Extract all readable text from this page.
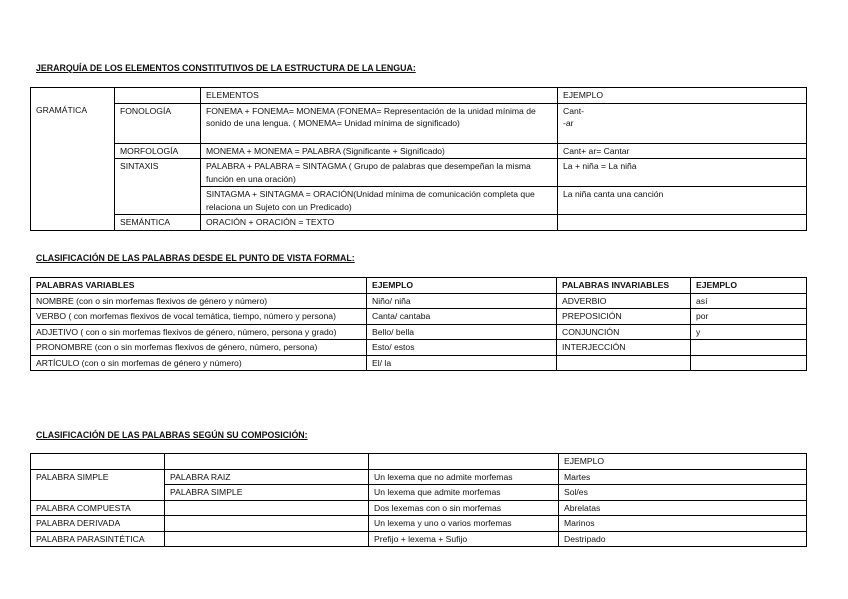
JERARQUÍA DE LOS ELEMENTOS CONSTITUTIVOS DE LA ESTRUCTURA DE LA LENGUA:
		ELEMENTOS	EJEMPLO
GRAMÁTICA	FONOLOGÍA	FONEMA + FONEMA= MONEMA (FONEMA= Representación de la unidad mínima de sonido de una lengua. ( MONEMA= Unidad mínima de significado)	Cant-
-ar

	MORFOLOGÍA	MONEMA + MONEMA = PALABRA (Significante + Significado)	Cant+ ar= Cantar
	SINTAXIS	PALABRA + PALABRA = SINTAGMA ( Grupo de palabras que desempeñan la misma función en una oración)	La + niña = La niña
		SINTAGMA + SINTAGMA = ORACIÓN(Unidad mínima de comunicación completa que relaciona un Sujeto con un Predicado)	La niña canta una canción
	SEMÁNTICA	ORACIÓN + ORACIÓN = TEXTO	
CLASIFICACIÓN DE LAS PALABRAS DESDE EL PUNTO DE VISTA FORMAL:
PALABRAS VARIABLES	EJEMPLO	PALABRAS INVARIABLES	EJEMPLO
NOMBRE (con o sin morfemas flexivos de género y número)	Niño/ niña	ADVERBIO	así
VERBO ( con morfemas flexivos de vocal temática, tiempo, número y persona)	Canta/ cantaba	PREPOSICIÓN	por
ADJETIVO ( con o sin morfemas flexivos de género, número, persona y grado)	Bello/ bella	CONJUNCIÓN	y
PRONOMBRE (con o sin morfemas flexivos de género, número, persona)	Esto/ estos	INTERJECCIÓN	
ARTÍCULO (con o sin morfemas de género y número)	El/ la		
CLASIFICACIÓN DE LAS PALABRAS SEGÚN SU COMPOSICIÓN:
			EJEMPLO
PALABRA SIMPLE	PALABRA RAIZ	Un lexema que no admite morfemas	Martes
	PALABRA SIMPLE	Un lexema que admite morfemas	Sol/es
PALABRA COMPUESTA		Dos lexemas con o sin morfemas	Abrelatas
PALABRA DERIVADA		Un lexema y uno o varios morfemas	Marinos
PALABRA PARASINTÉTICA		Prefijo + lexema + Sufijo	Destripado
